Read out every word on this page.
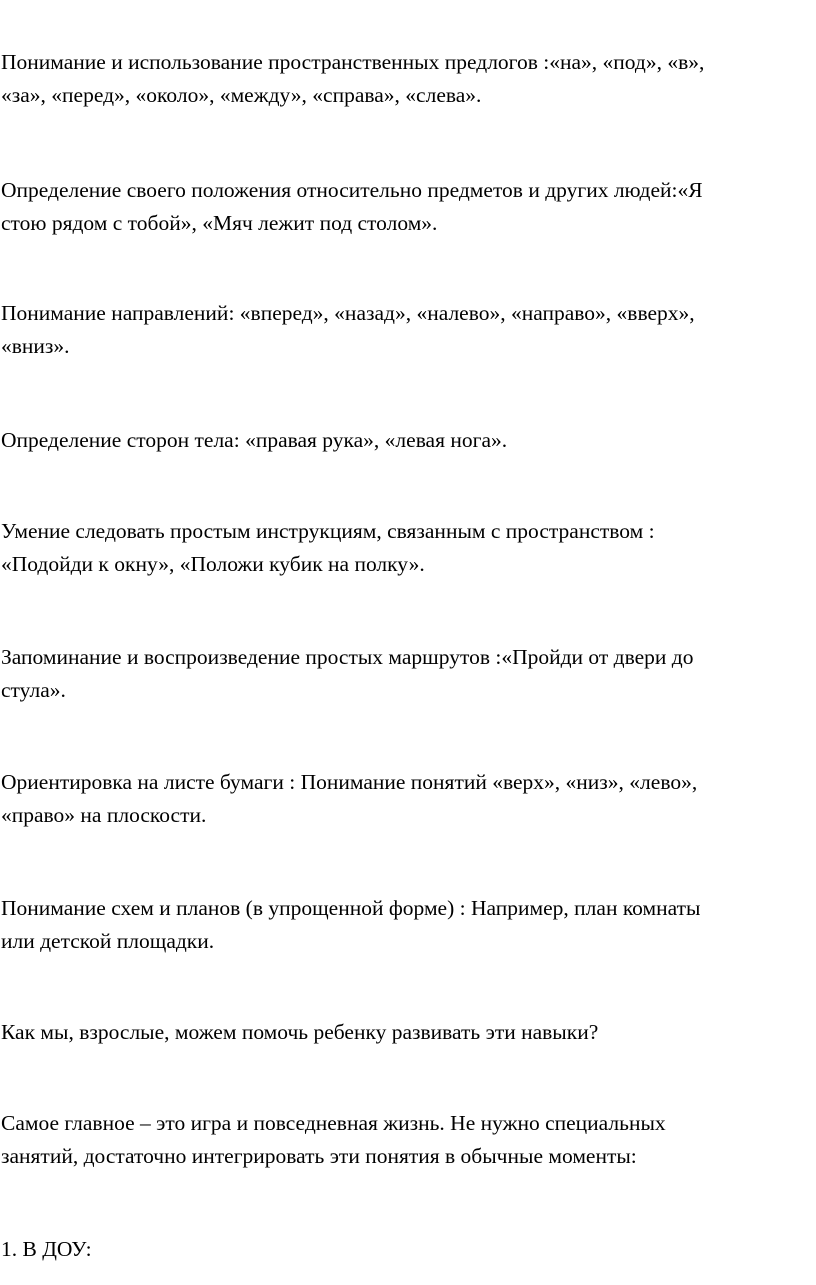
Понимание и использование пространственных предлогов :«на», «под», «в»,
«за», «перед», «около», «между», «справа», «слева».

Определение своего положения относительно предметов и других людей:«Я
стою рядом с тобой», «Мяч лежит под столом».

Понимание направлений: «вперед», «назад», «налево», «направо», «вверх»,
«вниз».

Определение сторон тела: «правая рука», «левая нога».

Умение следовать простым инструкциям, связанным с пространством :
«Подойди к окну», «Положи кубик на полку».

Запоминание и воспроизведение простых маршрутов :«Пройди от двери до
стула».

Ориентировка на листе бумаги : Понимание понятий «верх», «низ», «лево»,
«право» на плоскости.

Понимание схем и планов (в упрощенной форме) : Например, план комнаты
или детской площадки.

Как мы, взрослые, можем помочь ребенку развивать эти навыки?

Самое главное – это игра и повседневная жизнь. Не нужно специальных
занятий, достаточно интегрировать эти понятия в обычные моменты:

1. В ДОУ:
